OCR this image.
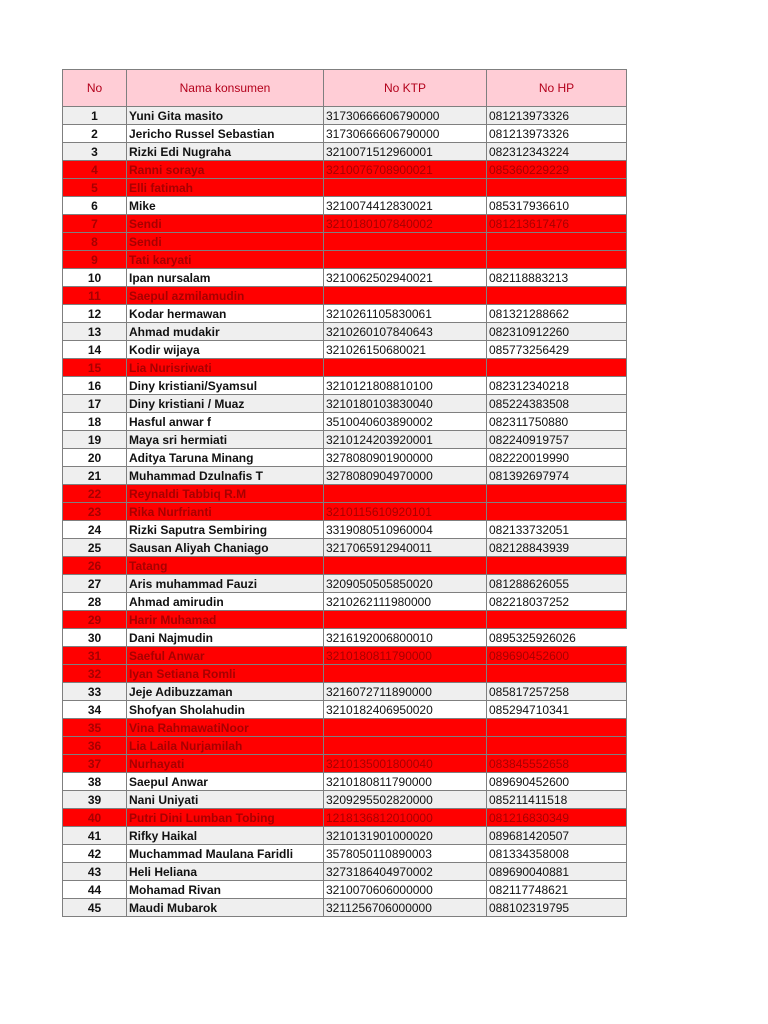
No	Nama konsumen	No KTP	No HP
1	Yuni Gita masito	31730666606790000	081213973326
2	Jericho Russel Sebastian	31730666606790000	081213973326
3	Rizki Edi Nugraha	3210071512960001	082312343224
4	Ranni soraya	3210076708900021	085360229229
5	Elli fatimah		
6	Mike	3210074412830021	085317936610
7	Sendi	3210180107840002	081213617476
8	Sendi		
9	Tati karyati		
10	Ipan nursalam	3210062502940021	082118883213
11	Saepul azmilamudin		
12	Kodar hermawan	3210261105830061	081321288662
13	Ahmad mudakir	3210260107840643	082310912260
14	Kodir wijaya	321026150680021	085773256429
15	Lia Nurisriwati		
16	Diny kristiani/Syamsul	3210121808810100	082312340218
17	Diny kristiani / Muaz	3210180103830040	085224383508
18	Hasful anwar f	3510040603890002	082311750880
19	Maya sri hermiati	3210124203920001	082240919757
20	Aditya Taruna Minang	3278080901900000	082220019990
21	Muhammad Dzulnafis T	3278080904970000	081392697974
22	Reynaldi Tabbiq R.M		
23	Rika Nurfrianti	3210115610920101	
24	Rizki Saputra Sembiring	3319080510960004	082133732051
25	Sausan Aliyah Chaniago	3217065912940011	082128843939
26	Tatang		
27	Aris muhammad Fauzi	3209050505850020	081288626055
28	Ahmad amirudin	3210262111980000	082218037252
29	Harir Muhamad		
30	Dani Najmudin	3216192006800010	0895325926026
31	Saeful Anwar	3210180811790000	089690452600
32	Iyan Setiana Romli		
33	Jeje Adibuzzaman	3216072711890000	085817257258
34	Shofyan Sholahudin	3210182406950020	085294710341
35	Vina RahmawatiNoor		
36	Lia Laila Nurjamilah		
37	Nurhayati	3210135001800040	083845552658
38	Saepul Anwar	3210180811790000	089690452600
39	Nani Uniyati	3209295502820000	085211411518
40	Putri Dini Lumban Tobing	1218136812010000	081216830349
41	Rifky Haikal	3210131901000020	089681420507
42	Muchammad Maulana Faridli	3578050110890003	081334358008
43	Heli Heliana	3273186404970002	089690040881
44	Mohamad Rivan	3210070606000000	082117748621
45	Maudi Mubarok	3211256706000000	088102319795
